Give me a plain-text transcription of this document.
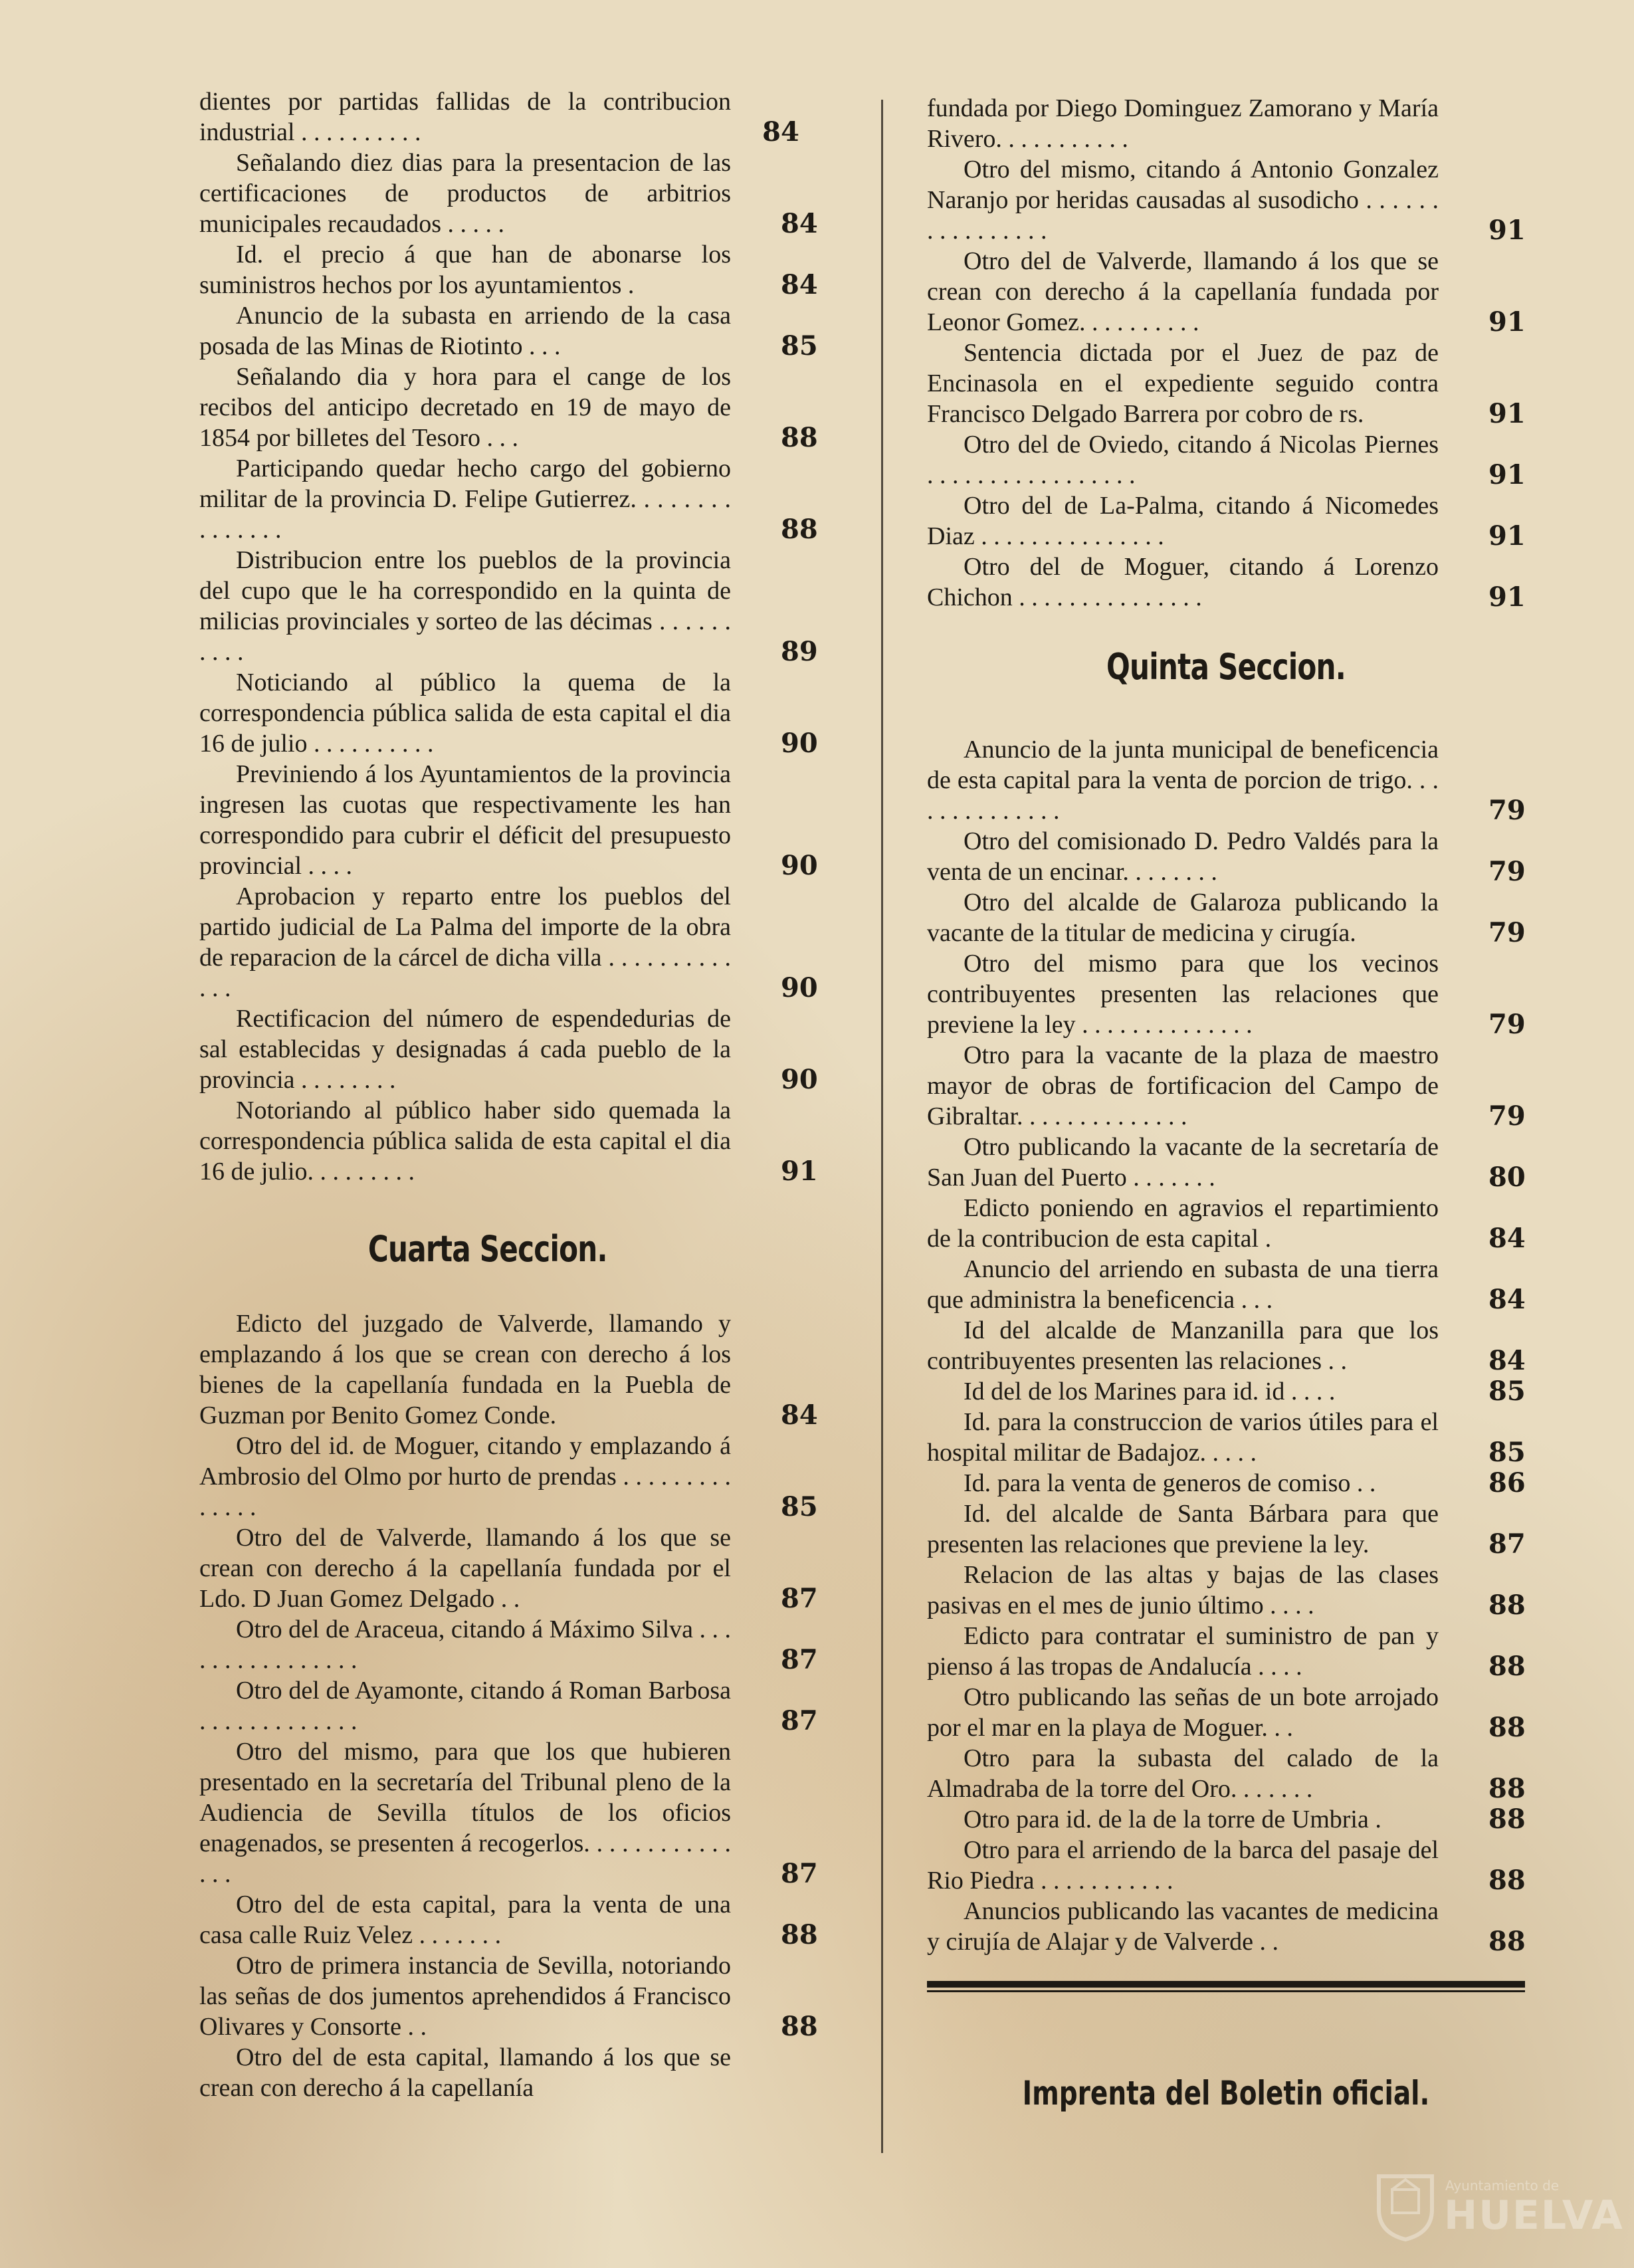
dientes por partidas fallidas de la contribucion industrial . . . . . . . . . .	84

Señalando diez dias para la presentacion de las certificaciones de productos de arbitrios municipales recaudados . . . . .	84

Id. el precio á que han de abonarse los suministros hechos por los ayuntamientos .	84

Anuncio de la subasta en arriendo de la casa posada de las Minas de Riotinto . . .	85

Señalando dia y hora para el cange de los recibos del anticipo decretado en 19 de mayo de 1854 por billetes del Tesoro . . .	88

Participando quedar hecho cargo del gobierno militar de la provincia D. Felipe Gutierrez. . . . . . . . . . . . . . .	88

Distribucion entre los pueblos de la provincia del cupo que le ha correspondido en la quinta de milicias provinciales y sorteo de las décimas . . . . . . . . . .	89

Noticiando al público la quema de la correspondencia pública salida de esta capital el dia 16 de julio . . . . . . . . . .	90

Previniendo á los Ayuntamientos de la provincia ingresen las cuotas que respectivamente les han correspondido para cubrir el déficit del presupuesto provincial . . . .	90

Aprobacion y reparto entre los pueblos del partido judicial de La Palma del importe de la obra de reparacion de la cárcel de dicha villa . . . . . . . . . . . . .	90

Rectificacion del número de espendedurias de sal establecidas y designadas á cada pueblo de la provincia . . . . . . . .	90

Notoriando al público haber sido quemada la correspondencia pública salida de esta capital el dia 16 de julio. . . . . . . . .	91

Cuarta Seccion.

Edicto del juzgado de Valverde, llamando y emplazando á los que se crean con derecho á los bienes de la capellanía fundada en la Puebla de Guzman por Benito Gomez Conde.	84

Otro del id. de Moguer, citando y emplazando á Ambrosio del Olmo por hurto de prendas . . . . . . . . . . . . . .	85

Otro del de Valverde, llamando á los que se crean con derecho á la capellanía fundada por el Ldo. D Juan Gomez Delgado . .	87

Otro del de Araceua, citando á Máximo Silva . . . . . . . . . . . . . . . .	87

Otro del de Ayamonte, citando á Roman Barbosa . . . . . . . . . . . . .	87

Otro del mismo, para que los que hubieren presentado en la secretaría del Tribunal pleno de la Audiencia de Sevilla títulos de los oficios enagenados, se presenten á recogerlos. . . . . . . . . . . . . . .	87

Otro del de esta capital, para la venta de una casa calle Ruiz Velez . . . . . . .	88

Otro de primera instancia de Sevilla, notoriando las señas de dos jumentos aprehendidos á Francisco Olivares y Consorte . .	88

Otro del de esta capital, llamando á los que se crean con derecho á la capellanía

fundada por Diego Dominguez Zamorano y María Rivero. . . . . . . . . . .

Otro del mismo, citando á Antonio Gonzalez Naranjo por heridas causadas al susodicho . . . . . . . . . . . . . . . .	91

Otro del de Valverde, llamando á los que se crean con derecho á la capellanía fundada por Leonor Gomez. . . . . . . . . .	91

Sentencia dictada por el Juez de paz de Encinasola en el expediente seguido contra Francisco Delgado Barrera por cobro de rs.	91

Otro del de Oviedo, citando á Nicolas Piernes . . . . . . . . . . . . . . . . .	91

Otro del de La-Palma, citando á Nicomedes Diaz . . . . . . . . . . . . . . .	91

Otro del de Moguer, citando á Lorenzo Chichon . . . . . . . . . . . . . . .	91

Quinta Seccion.

Anuncio de la junta municipal de beneficencia de esta capital para la venta de porcion de trigo. . . . . . . . . . . . . .	79

Otro del comisionado D. Pedro Valdés para la venta de un encinar. . . . . . . .	79

Otro del alcalde de Galaroza publicando la vacante de la titular de medicina y cirugía.	79

Otro del mismo para que los vecinos contribuyentes presenten las relaciones que previene la ley . . . . . . . . . . . . . .	79

Otro para la vacante de la plaza de maestro mayor de obras de fortificacion del Campo de Gibraltar. . . . . . . . . . . . . .	79

Otro publicando la vacante de la secretaría de San Juan del Puerto . . . . . . .	80

Edicto poniendo en agravios el repartimiento de la contribucion de esta capital .	84

Anuncio del arriendo en subasta de una tierra que administra la beneficencia . . .	84

Id del alcalde de Manzanilla para que los contribuyentes presenten las relaciones . .	84

Id del de los Marines para id. id . . . .	85

Id. para la construccion de varios útiles para el hospital militar de Badajoz. . . . .	85

Id. para la venta de generos de comiso . .	86

Id. del alcalde de Santa Bárbara para que presenten las relaciones que previene la ley.	87

Relacion de las altas y bajas de las clases pasivas en el mes de junio último . . . .	88

Edicto para contratar el suministro de pan y pienso á las tropas de Andalucía . . . .	88

Otro publicando las señas de un bote arrojado por el mar en la playa de Moguer. . .	88

Otro para la subasta del calado de la Almadraba de la torre del Oro. . . . . . .	88

Otro para id. de la de la torre de Umbria .	88

Otro para el arriendo de la barca del pasaje del Rio Piedra . . . . . . . . . . .	88

Anuncios publicando las vacantes de medicina y cirujía de Alajar y de Valverde . .	88

Imprenta del Boletin oficial.
Ayuntamiento de
HUELVA
